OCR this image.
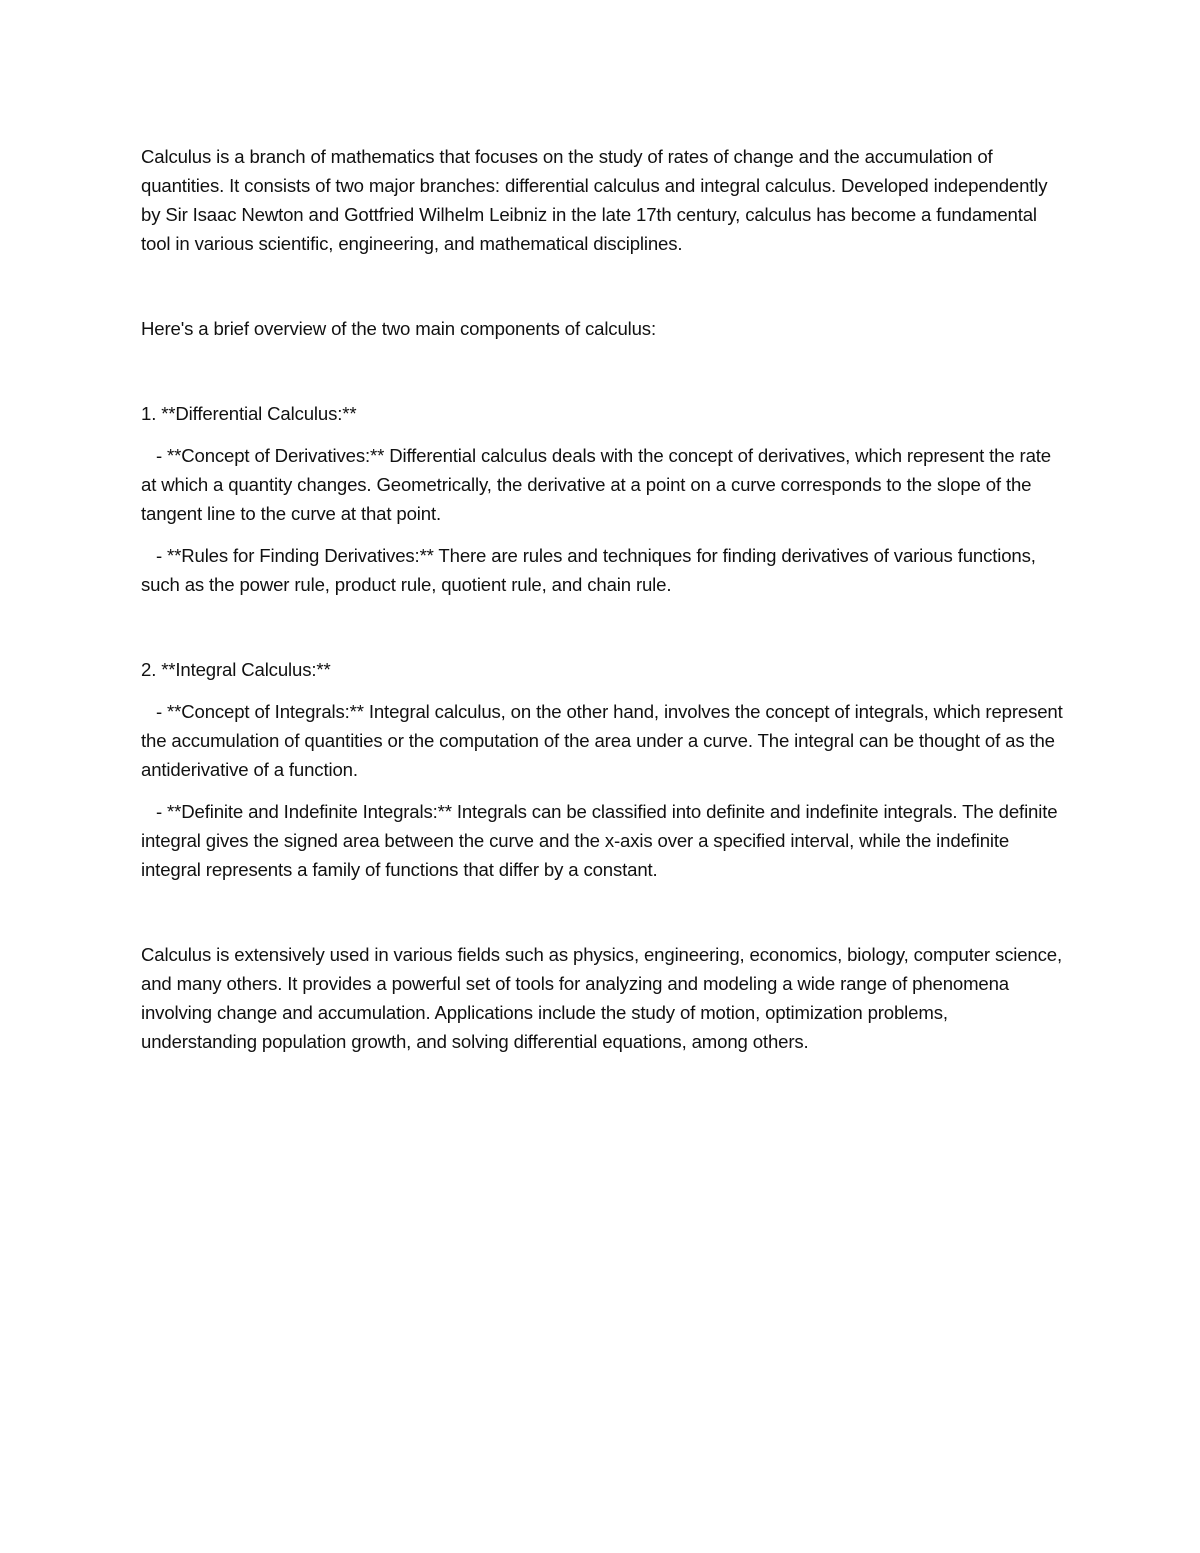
Calculus is a branch of mathematics that focuses on the study of rates of change and the accumulation of quantities. It consists of two major branches: differential calculus and integral calculus. Developed independently by Sir Isaac Newton and Gottfried Wilhelm Leibniz in the late 17th century, calculus has become a fundamental tool in various scientific, engineering, and mathematical disciplines.

Here's a brief overview of the two main components of calculus:

1. **Differential Calculus:**

- **Concept of Derivatives:** Differential calculus deals with the concept of derivatives, which represent the rate at which a quantity changes. Geometrically, the derivative at a point on a curve corresponds to the slope of the tangent line to the curve at that point.

- **Rules for Finding Derivatives:** There are rules and techniques for finding derivatives of various functions, such as the power rule, product rule, quotient rule, and chain rule.

2. **Integral Calculus:**

- **Concept of Integrals:** Integral calculus, on the other hand, involves the concept of integrals, which represent the accumulation of quantities or the computation of the area under a curve. The integral can be thought of as the antiderivative of a function.

- **Definite and Indefinite Integrals:** Integrals can be classified into definite and indefinite integrals. The definite integral gives the signed area between the curve and the x-axis over a specified interval, while the indefinite integral represents a family of functions that differ by a constant.

Calculus is extensively used in various fields such as physics, engineering, economics, biology, computer science, and many others. It provides a powerful set of tools for analyzing and modeling a wide range of phenomena involving change and accumulation. Applications include the study of motion, optimization problems, understanding population growth, and solving differential equations, among others.
